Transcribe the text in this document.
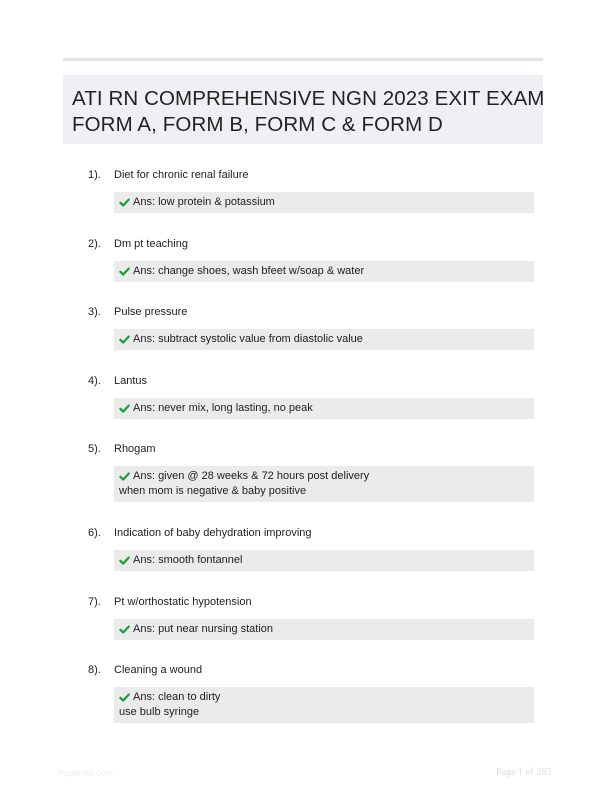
ATI RN COMPREHENSIVE NGN 2023 EXIT EXAM
FORM A, FORM B, FORM C & FORM D
1). Diet for chronic renal failure
Ans: low protein & potassium
2). Dm pt teaching
Ans: change shoes, wash bfeet w/soap & water
3). Pulse pressure
Ans: subtract systolic value from diastolic value
4). Lantus
Ans: never mix, long lasting, no peak
5). Rhogam
Ans: given @ 28 weeks & 72 hours post delivery
when mom is negative & baby positive
6). Indication of baby dehydration improving
Ans: smooth fontannel
7). Pt w/orthostatic hypotension
Ans: put near nursing station
8). Cleaning a wound
Ans: clean to dirty
use bulb syringe
Paperlibr.com	Page 1 of 283
